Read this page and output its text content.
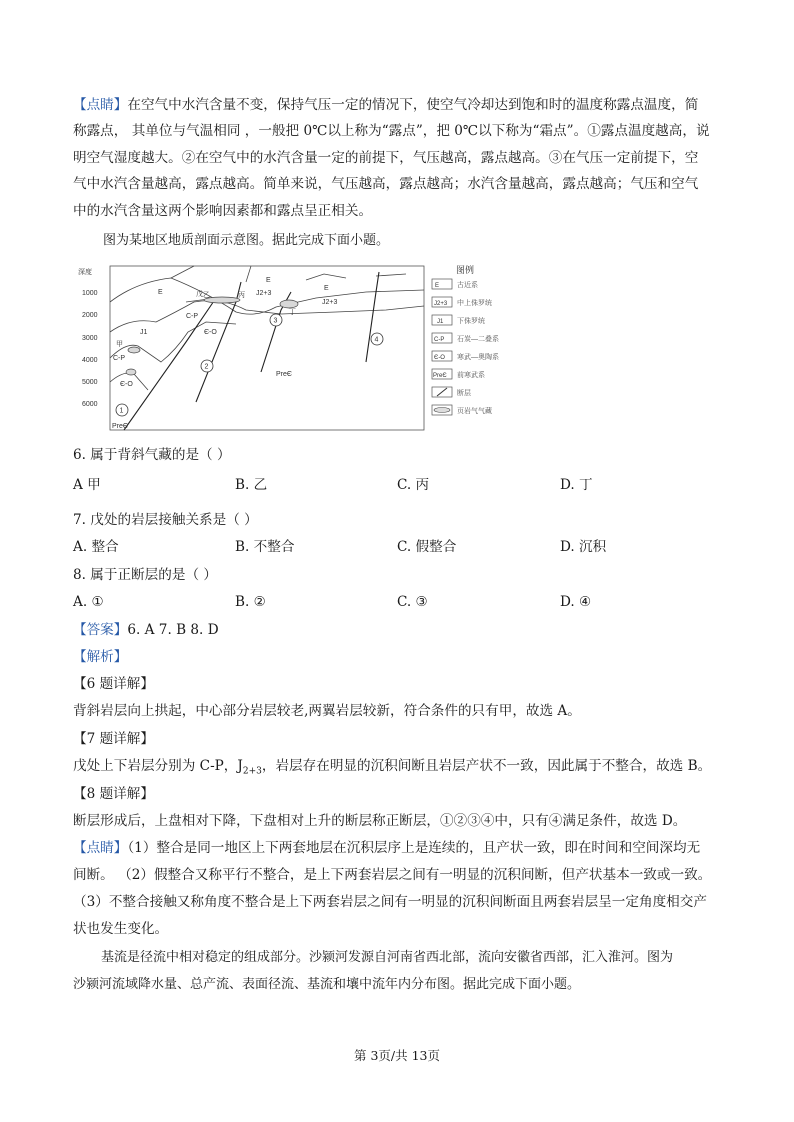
【点睛】在空气中水汽含量不变，保持气压一定的情况下，使空气冷却达到饱和时的温度称露点温度，简
称露点， 其单位与气温相同 ，一般把 0℃以上称为“露点”，把 0℃以下称为“霜点”。①露点温度越高，说
明空气湿度越大。②在空气中的水汽含量一定的前提下，气压越高，露点越高。③在气压一定前提下，空
气中水汽含量越高，露点越高。简单来说，气压越高，露点越高；水汽含量越高，露点越高；气压和空气
中的水汽含量这两个影响因素都和露点呈正相关。
图为某地区地质剖面示意图。据此完成下面小题。
深度
1000
2000
3000
4000
5000
6000
1
2
3
4
E
E
E
J2+3
J2+3
J1
C-P
C-P
Є-O
Є-O
PreЄ
PreЄ
甲
乙	丙
丁
戊
图例
E
J2+3
J1
C-P
Є-O
PreЄ
古近系
中上侏罗统
下侏罗统
石炭—二叠系
寒武—奥陶系
前寒武系
断层
页岩气气藏
6. 属于背斜气藏的是（ ）
A 甲	B. 乙	C. 丙	D. 丁
7. 戊处的岩层接触关系是（ ）
A. 整合	B. 不整合	C. 假整合	D. 沉积
8. 属于正断层的是（ ）
A. ①	B. ②	C. ③	D. ④
【答案】6. A 7. B 8. D
【解析】
【6 题详解】
背斜岩层向上拱起，中心部分岩层较老,两翼岩层较新，符合条件的只有甲，故选 A。
【7 题详解】
戊处上下岩层分别为 C-P，$J_{2+3}$，岩层存在明显的沉积间断且岩层产状不一致，因此属于不整合，故选 B。
【8 题详解】
断层形成后，上盘相对下降，下盘相对上升的断层称正断层，①②③④中，只有④满足条件，故选 D。
【点睛】（1）整合是同一地区上下两套地层在沉积层序上是连续的，且产状一致，即在时间和空间深均无
间断。 （2）假整合又称平行不整合，是上下两套岩层之间有一明显的沉积间断，但产状基本一致或一致。
（3）不整合接触又称角度不整合是上下两套岩层之间有一明显的沉积间断面且两套岩层呈一定角度相交产
状也发生变化。
基流是径流中相对稳定的组成部分。沙颍河发源自河南省西北部，流向安徽省西部，汇入淮河。图为
沙颍河流域降水量、总产流、表面径流、基流和壤中流年内分布图。据此完成下面小题。
第 3页/共 13页
